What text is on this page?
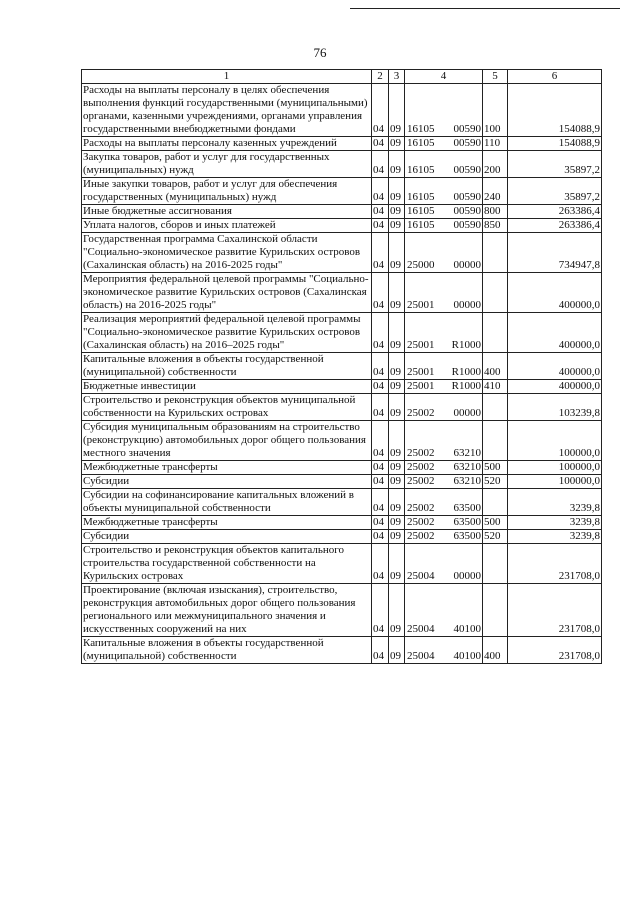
76
1	2	3	4	5	6
Расходы на выплаты персоналу в целях обеспечения выполнения функций государственными (муниципальными) органами, казенными учреждениями, органами управления государственными внебюджетными фондами	04	09	16105 00590	100	154088,9
Расходы на выплаты персоналу казенных учреждений	04	09	16105 00590	110	154088,9
Закупка товаров, работ и услуг для государственных (муниципальных) нужд	04	09	16105 00590	200	35897,2
Иные закупки товаров, работ и услуг для обеспечения государственных (муниципальных) нужд	04	09	16105 00590	240	35897,2
Иные бюджетные ассигнования	04	09	16105 00590	800	263386,4
Уплата налогов, сборов и иных платежей	04	09	16105 00590	850	263386,4
Государственная программа Сахалинской области "Социально-экономическое развитие Курильских островов (Сахалинская область) на 2016-2025 годы"	04	09	25000 00000		734947,8
Мероприятия федеральной целевой программы "Социально-экономическое развитие Курильских островов (Сахалинская область) на 2016-2025 годы"	04	09	25001 00000		400000,0
Реализация мероприятий федеральной целевой программы "Социально-экономическое развитие Курильских островов (Сахалинская область) на 2016–2025 годы"	04	09	25001 R1000		400000,0
Капитальные вложения в объекты государственной (муниципальной) собственности	04	09	25001 R1000	400	400000,0
Бюджетные инвестиции	04	09	25001 R1000	410	400000,0
Строительство и реконструкция объектов муниципальной собственности на Курильских островах	04	09	25002 00000		103239,8
Субсидия муниципальным образованиям на строительство (реконструкцию) автомобильных дорог общего пользования местного значения	04	09	25002 63210		100000,0
Межбюджетные трансферты	04	09	25002 63210	500	100000,0
Субсидии	04	09	25002 63210	520	100000,0
Субсидии на софинансирование капитальных вложений в объекты муниципальной собственности	04	09	25002 63500		3239,8
Межбюджетные трансферты	04	09	25002 63500	500	3239,8
Субсидии	04	09	25002 63500	520	3239,8
Строительство и реконструкция объектов капитального строительства государственной собственности на Курильских островах	04	09	25004 00000		231708,0
Проектирование (включая изыскания), строительство, реконструкция автомобильных дорог общего пользования регионального или межмуниципального значения и искусственных сооружений на них	04	09	25004 40100		231708,0
Капитальные вложения в объекты государственной (муниципальной) собственности	04	09	25004 40100	400	231708,0
